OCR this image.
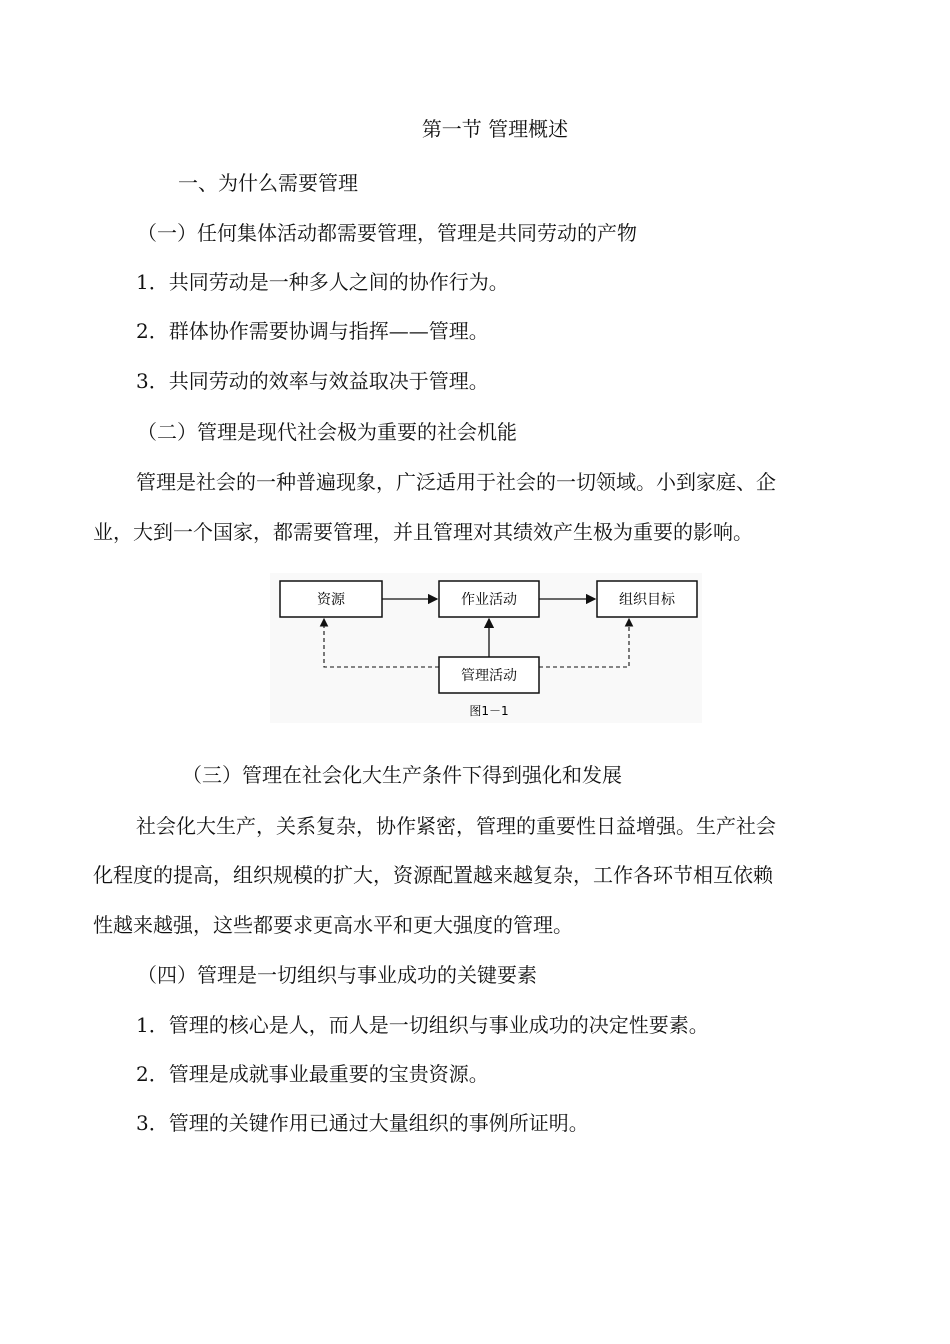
第一节 管理概述
一、为什么需要管理
（一）任何集体活动都需要管理，管理是共同劳动的产物
1．共同劳动是一种多人之间的协作行为。
2．群体协作需要协调与指挥——管理。
3．共同劳动的效率与效益取决于管理。
（二）管理是现代社会极为重要的社会机能
管理是社会的一种普遍现象，广泛适用于社会的一切领域。小到家庭、企
业，大到一个国家，都需要管理，并且管理对其绩效产生极为重要的影响。
资源	作业活动	组织目标
管理活动
图1－1
（三）管理在社会化大生产条件下得到强化和发展
社会化大生产，关系复杂，协作紧密，管理的重要性日益增强。生产社会
化程度的提高，组织规模的扩大，资源配置越来越复杂，工作各环节相互依赖
性越来越强，这些都要求更高水平和更大强度的管理。
（四）管理是一切组织与事业成功的关键要素
1．管理的核心是人，而人是一切组织与事业成功的决定性要素。
2．管理是成就事业最重要的宝贵资源。
3．管理的关键作用已通过大量组织的事例所证明。
